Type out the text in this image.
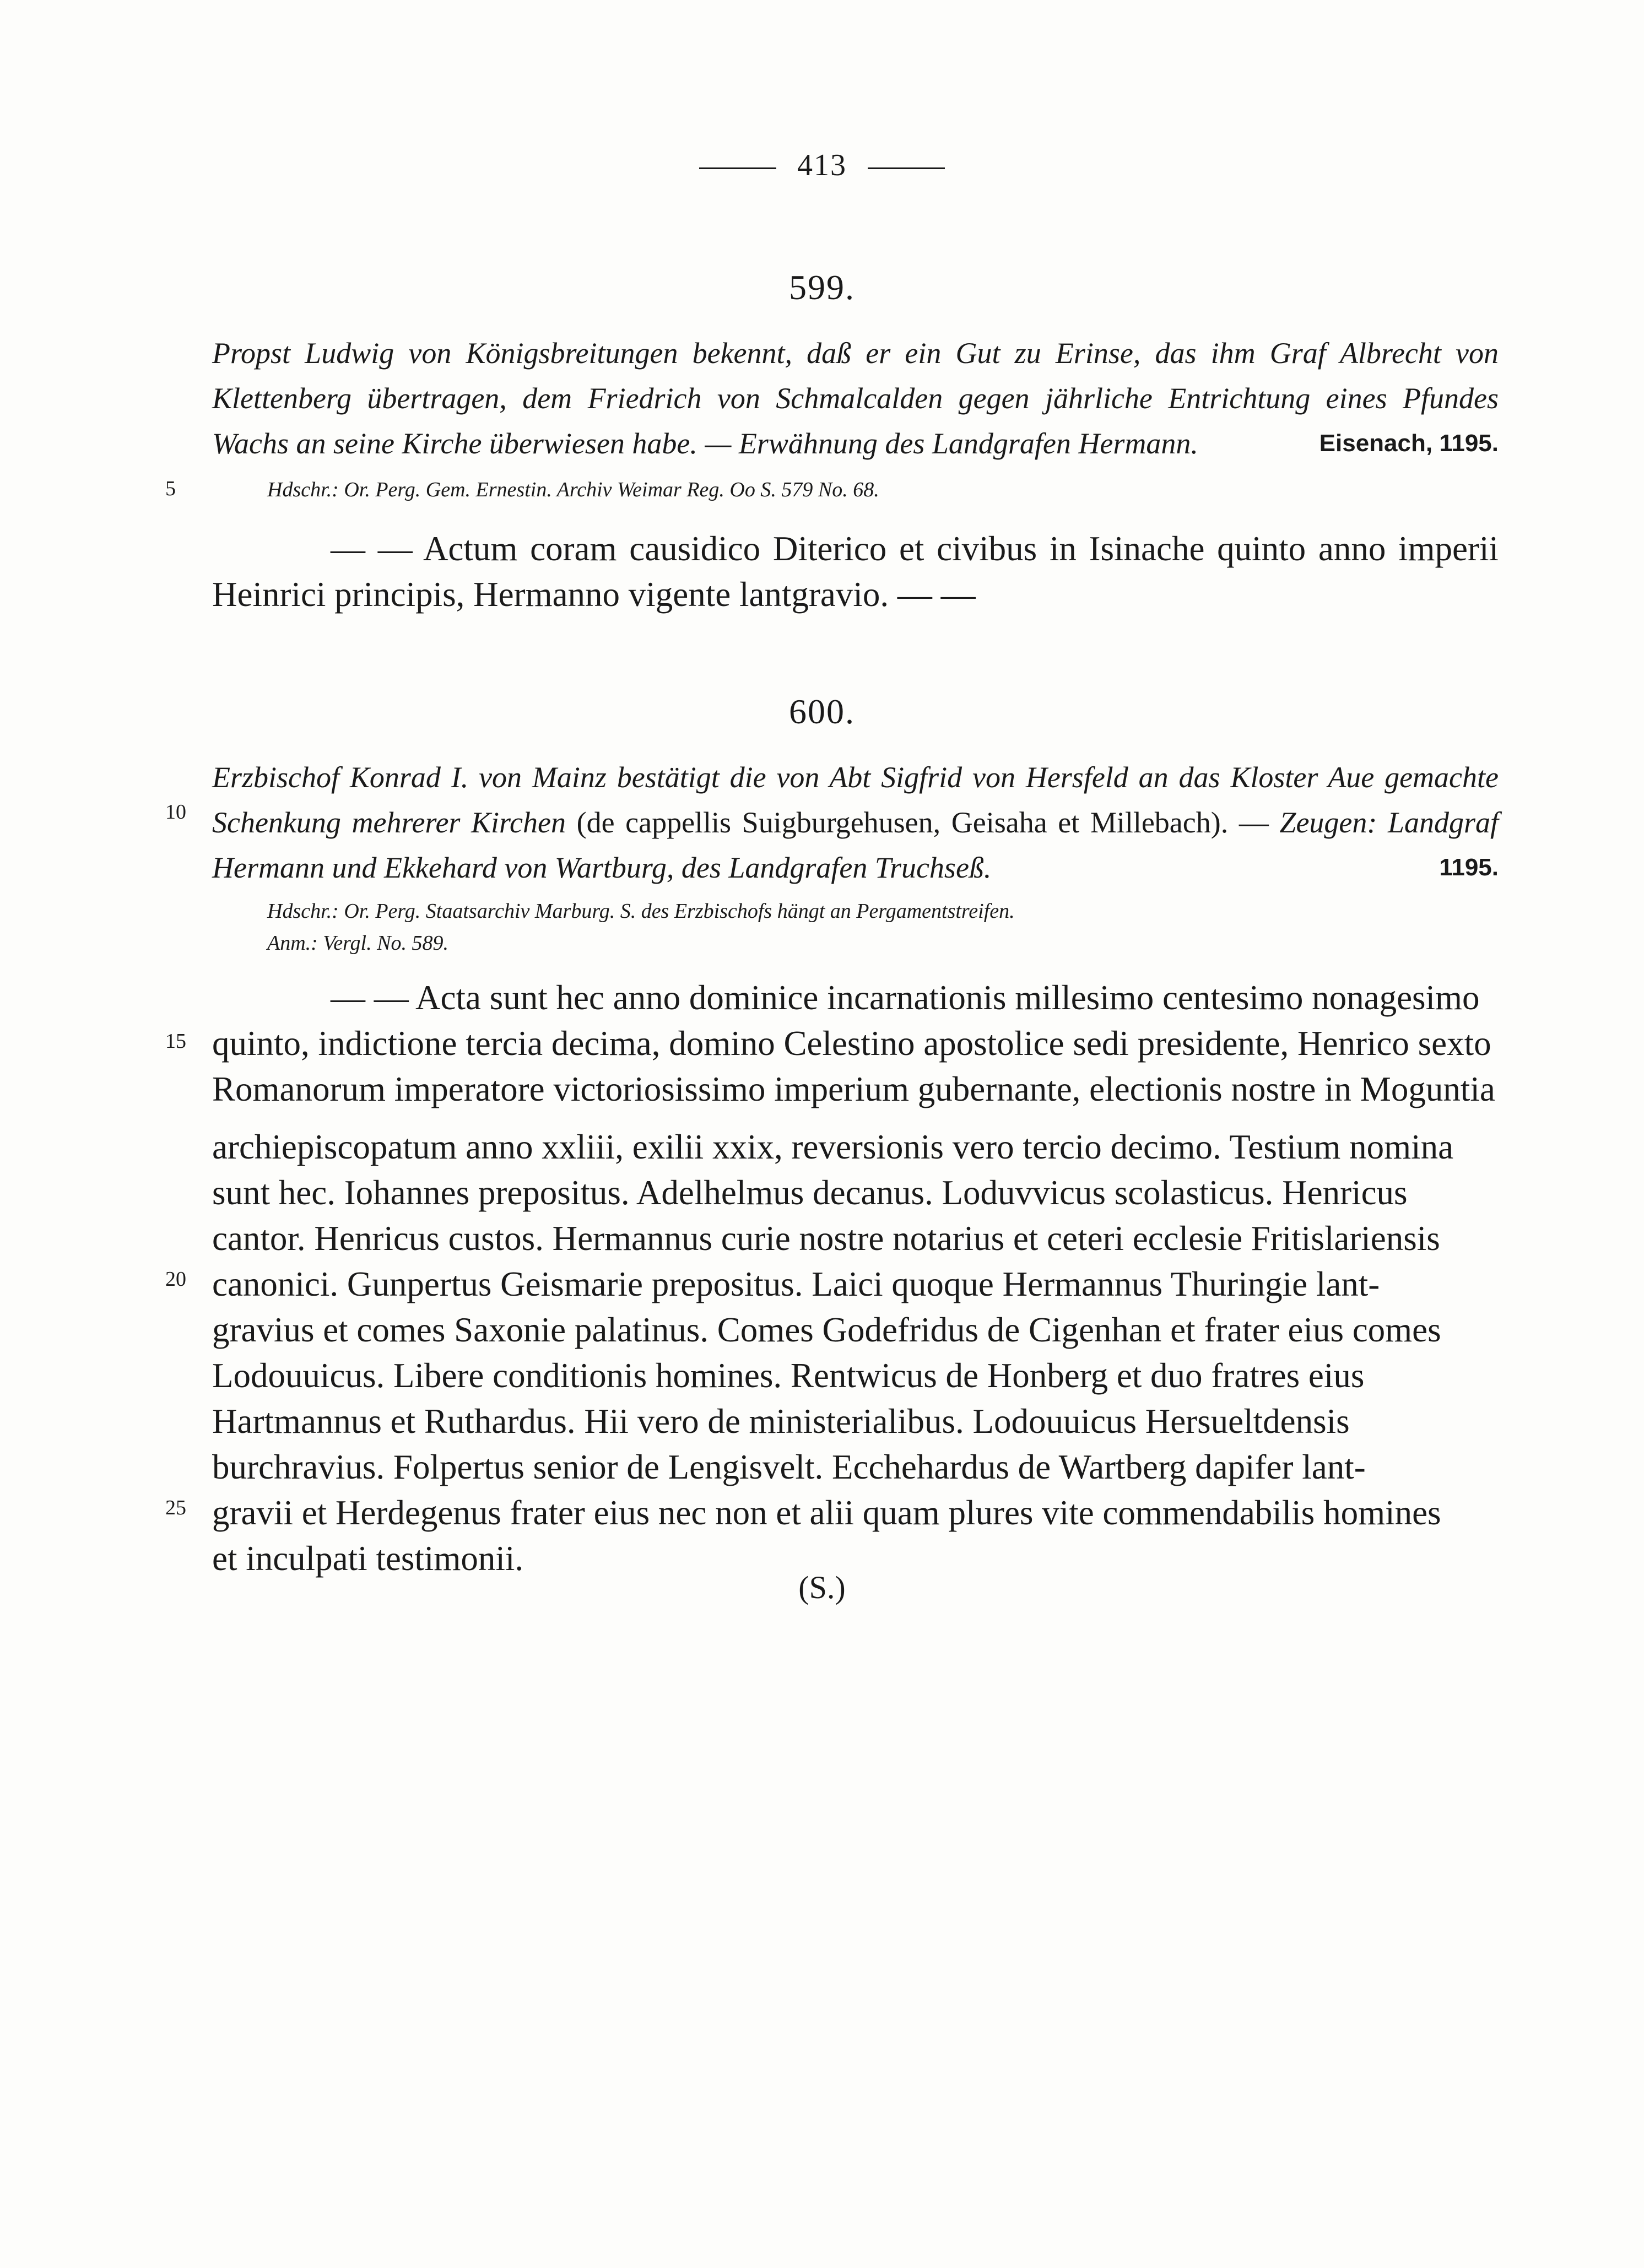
413
599.

Propst Ludwig von Königsbreitungen bekennt, daß er ein Gut zu Erinse, das ihm Graf Albrecht von Klettenberg übertragen, dem Friedrich von Schmalcalden gegen jährliche Entrichtung eines Pfundes Wachs an seine Kirche überwiesen habe. — Erwähnung des Landgrafen Hermann.	Eisenach, 1195.

5	Hdschr.: Or. Perg. Gem. Ernestin. Archiv Weimar Reg. Oo S. 579 No. 68.

— — Actum coram causidico Diterico et civibus in Isinache quinto anno imperii Heinrici principis, Hermanno vigente lantgravio. — —

600.

Erzbischof Konrad I. von Mainz bestätigt die von Abt Sigfrid von Hersfeld an das Kloster Aue gemachte Schenkung mehrerer Kirchen (de cappellis Suigburgehusen, Geisaha et Millebach). — Zeugen: Landgraf Hermann und Ekkehard von Wartburg, des Landgrafen Truchseß.	1195.

10

Hdschr.: Or. Perg. Staatsarchiv Marburg. S. des Erzbischofs hängt an Pergamentstreifen.

Anm.: Vergl. No. 589.

— — Acta sunt hec anno dominice incarnationis millesimo centesimo nonagesimo

quinto, indictione tercia decima, domino Celestino apostolice sedi presidente, Henrico sexto

Romanorum imperatore victoriosissimo imperium gubernante, electionis nostre in Moguntia

archiepiscopatum anno xxliii, exilii xxix, reversionis vero tercio decimo. Testium nomina

sunt hec. Iohannes prepositus. Adelhelmus decanus. Loduvvicus scolasticus. Henricus

cantor. Henricus custos. Hermannus curie nostre notarius et ceteri ecclesie Fritislariensis

canonici. Gunpertus Geismarie prepositus. Laici quoque Hermannus Thuringie lant-

gravius et comes Saxonie palatinus. Comes Godefridus de Cigenhan et frater eius comes

Lodouuicus. Libere conditionis homines. Rentwicus de Honberg et duo fratres eius

Hartmannus et Ruthardus. Hii vero de ministerialibus. Lodouuicus Hersueltdensis

burchravius. Folpertus senior de Lengisvelt. Ecchehardus de Wartberg dapifer lant-

gravii et Herdegenus frater eius nec non et alii quam plures vite commendabilis homines

et inculpati testimonii.

15
20
25
(S.)
